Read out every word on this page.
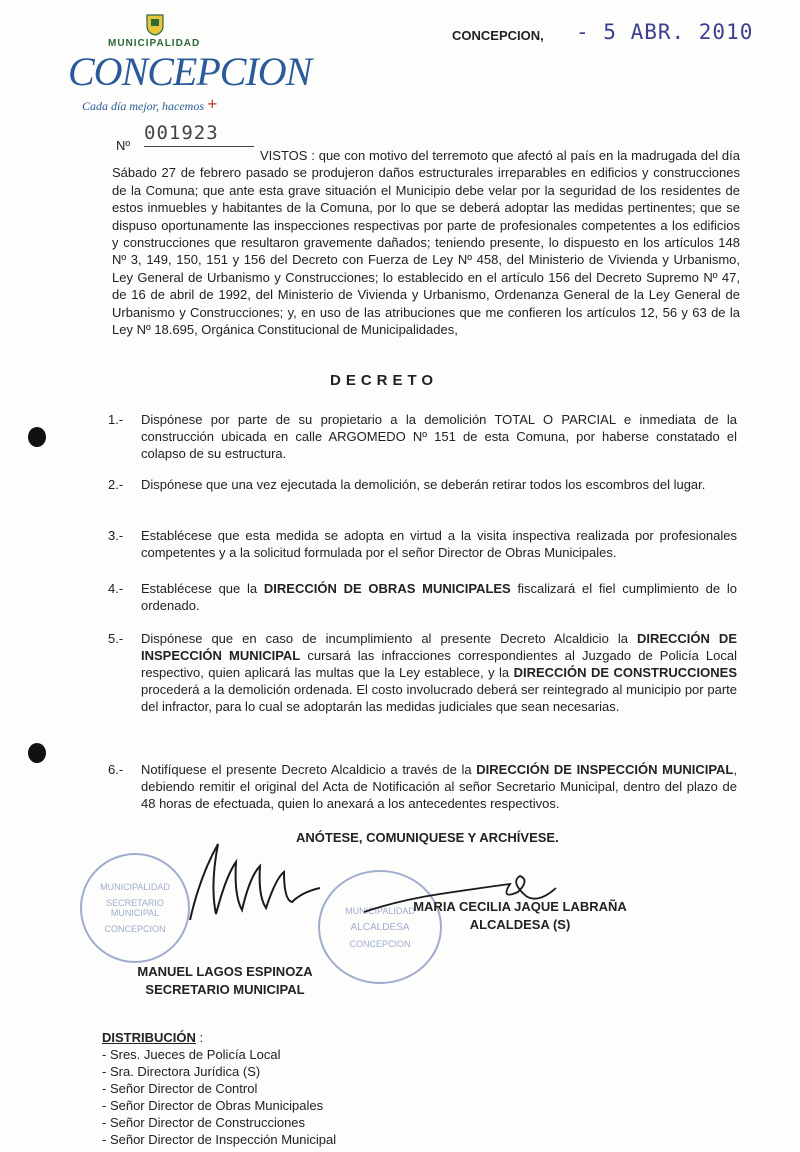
MUNICIPALIDAD
CONCEPCION
Cada día mejor, hacemos +
CONCEPCION, - 5 ABR. 2010
Nº
001923
VISTOS : que con motivo del terremoto que afectó al país en la madrugada del día Sábado 27 de febrero pasado se produjeron daños estructurales irreparables en edificios y construcciones de la Comuna; que ante esta grave situación el Municipio debe velar por la seguridad de los residentes de estos inmuebles y habitantes de la Comuna, por lo que se deberá adoptar las medidas pertinentes; que se dispuso oportunamente las inspecciones respectivas por parte de profesionales competentes a los edificios y construcciones que resultaron gravemente dañados; teniendo presente, lo dispuesto en los artículos 148 Nº 3, 149, 150, 151 y 156 del Decreto con Fuerza de Ley Nº 458, del Ministerio de Vivienda y Urbanismo, Ley General de Urbanismo y Construcciones; lo establecido en el artículo 156 del Decreto Supremo Nº 47, de 16 de abril de 1992, del Ministerio de Vivienda y Urbanismo, Ordenanza General de la Ley General de Urbanismo y Construcciones; y, en uso de las atribuciones que me confieren los artículos 12, 56 y 63 de la Ley Nº 18.695, Orgánica Constitucional de Municipalidades,
DECRETO
1.- Dispónese por parte de su propietario a la demolición TOTAL O PARCIAL e inmediata de la construcción ubicada en calle ARGOMEDO Nº 151 de esta Comuna, por haberse constatado el colapso de su estructura.
2.- Dispónese que una vez ejecutada la demolición, se deberán retirar todos los escombros del lugar.
3.- Establécese que esta medida se adopta en virtud a la visita inspectiva realizada por profesionales competentes y a la solicitud formulada por el señor Director de Obras Municipales.
4.- Establécese que la DIRECCIÓN DE OBRAS MUNICIPALES fiscalizará el fiel cumplimiento de lo ordenado.
5.- Dispónese que en caso de incumplimiento al presente Decreto Alcaldicio la DIRECCIÓN DE INSPECCIÓN MUNICIPAL cursará las infracciones correspondientes al Juzgado de Policía Local respectivo, quien aplicará las multas que la Ley establece, y la DIRECCIÓN DE CONSTRUCCIONES procederá a la demolición ordenada. El costo involucrado deberá ser reintegrado al municipio por parte del infractor, para lo cual se adoptarán las medidas judiciales que sean necesarias.
6.- Notifíquese el presente Decreto Alcaldicio a través de la DIRECCIÓN DE INSPECCIÓN MUNICIPAL, debiendo remitir el original del Acta de Notificación al señor Secretario Municipal, dentro del plazo de 48 horas de efectuada, quien lo anexará a los antecedentes respectivos.
ANÓTESE, COMUNIQUESE Y ARCHÍVESE.
MUNICIPALIDAD
SECRETARIO MUNICIPAL
CONCEPCION
MUNICIPALIDAD
ALCALDESA
CONCEPCION
MARIA CECILIA JAQUE LABRAÑA
ALCALDESA (S)
MANUEL LAGOS ESPINOZA
SECRETARIO MUNICIPAL
DISTRIBUCIÓN :
- Sres. Jueces de Policía Local
- Sra. Directora Jurídica (S)
- Señor Director de Control
- Señor Director de Obras Municipales
- Señor Director de Construcciones
- Señor Director de Inspección Municipal
